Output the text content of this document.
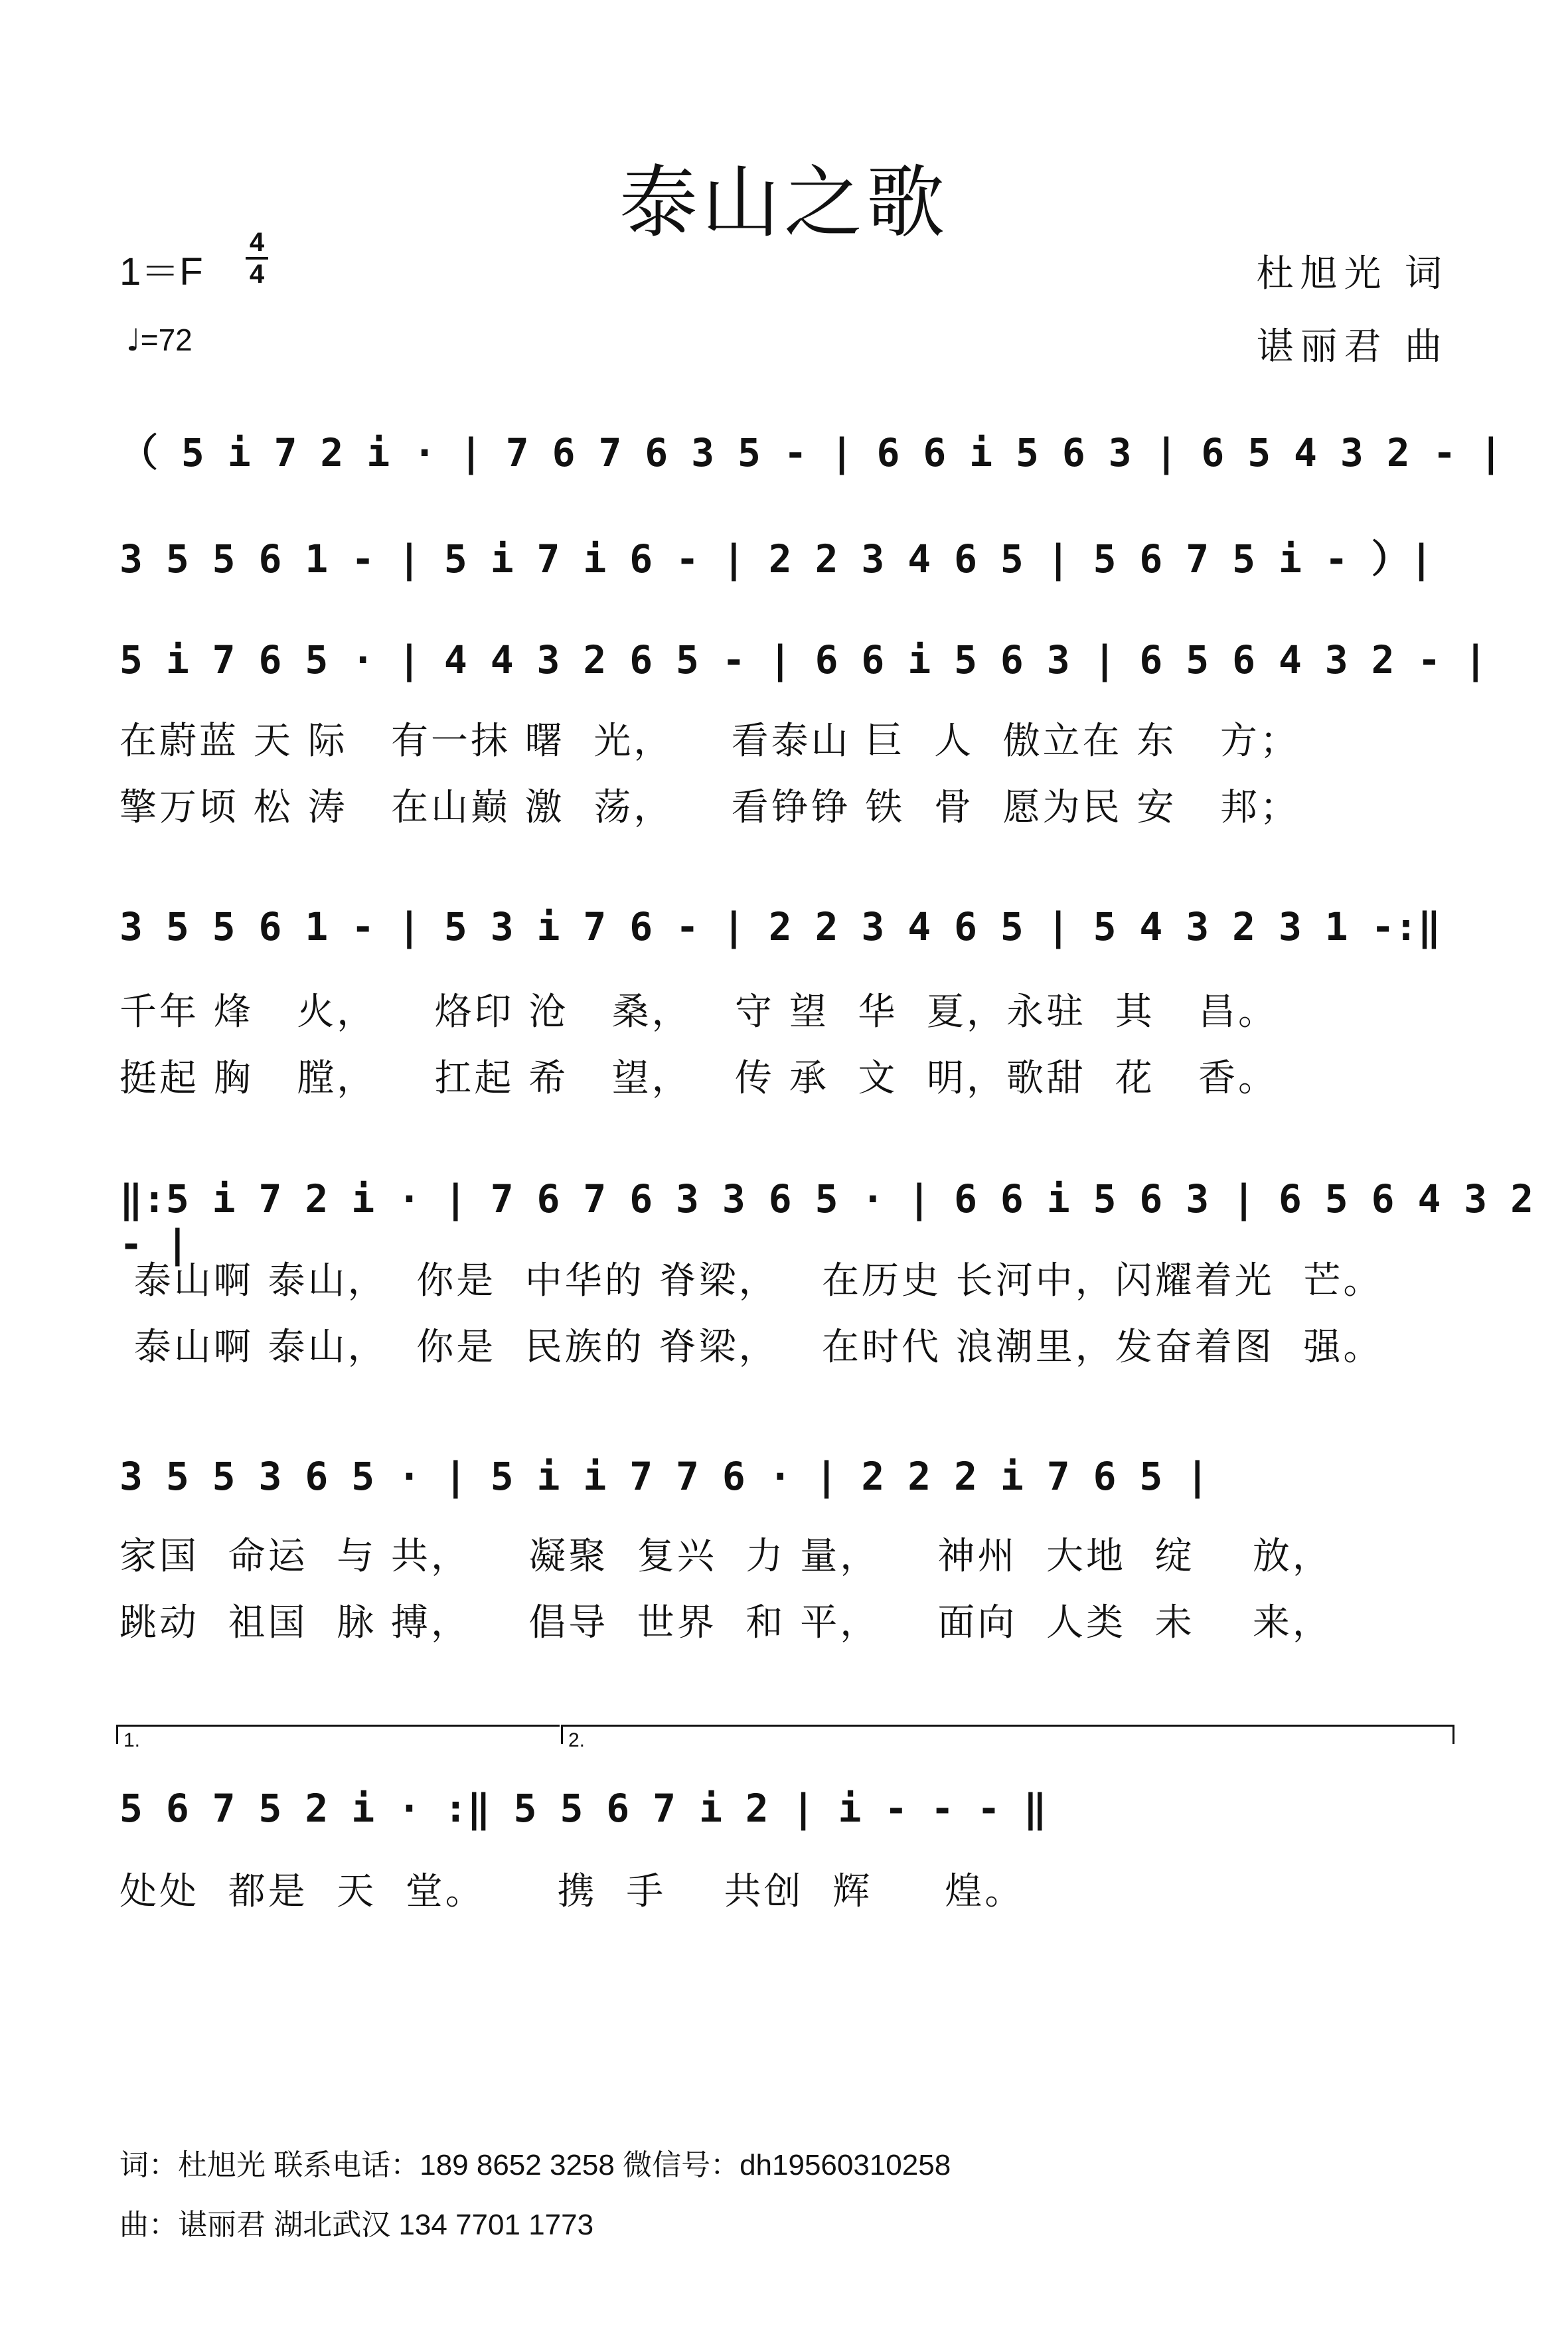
泰山之歌
1＝F
4
4
♩=72
杜旭光 词
谌丽君 曲
（ 5 i 7 2 i · | 7 6 7 6 3 5 - | 6 6 i 5 6 3 | 6 5 4 3 2 - |
3 5 5 6 1 - | 5 i 7 i 6 - | 2 2 3 4 6 5 | 5 6 7 5 i - ）|
5 i 7 6 5 · | 4 4 3 2 6 5 - | 6 6 i 5 6 3 | 6 5 6 4 3 2 - |
在蔚蓝 天 际   有一抹 曙  光，    看泰山 巨  人  傲立在 东   方；
擎万顷 松 涛   在山巅 激  荡，    看铮铮 铁  骨  愿为民 安   邦；
3 5 5 6 1 - | 5 3 i 7 6 - | 2 2 3 4 6 5 | 5 4 3 2 3 1 -:‖
千年 烽   火，    烙印 沧   桑，   守 望  华  夏，永驻  其   昌。
挺起 胸   膛，    扛起 希   望，   传 承  文  明，歌甜  花   香。
‖:5 i 7 2 i · | 7 6 7 6 3 3 6 5 · | 6 6 i 5 6 3 | 6 5 6 4 3 2 - |
泰山啊 泰山，  你是  中华的 脊梁，   在历史 长河中，闪耀着光  芒。
泰山啊 泰山，  你是  民族的 脊梁，   在时代 浪潮里，发奋着图  强。
3 5 5 3 6 5 · | 5 i i 7 7 6 · | 2 2 2 i 7 6 5 |
家国  命运  与 共，    凝聚  复兴  力 量，    神州  大地  绽    放，
跳动  祖国  脉 搏，    倡导  世界  和 平，    面向  人类  未    来，
1.	2.
5 6 7 5 2 i · :‖ 5 5 6 7 i 2 | i - - - ‖
处处  都是  天  堂。     携  手    共创  辉     煌。
词：杜旭光 联系电话：189 8652 3258 微信号：dh19560310258
曲：谌丽君 湖北武汉 134 7701 1773
